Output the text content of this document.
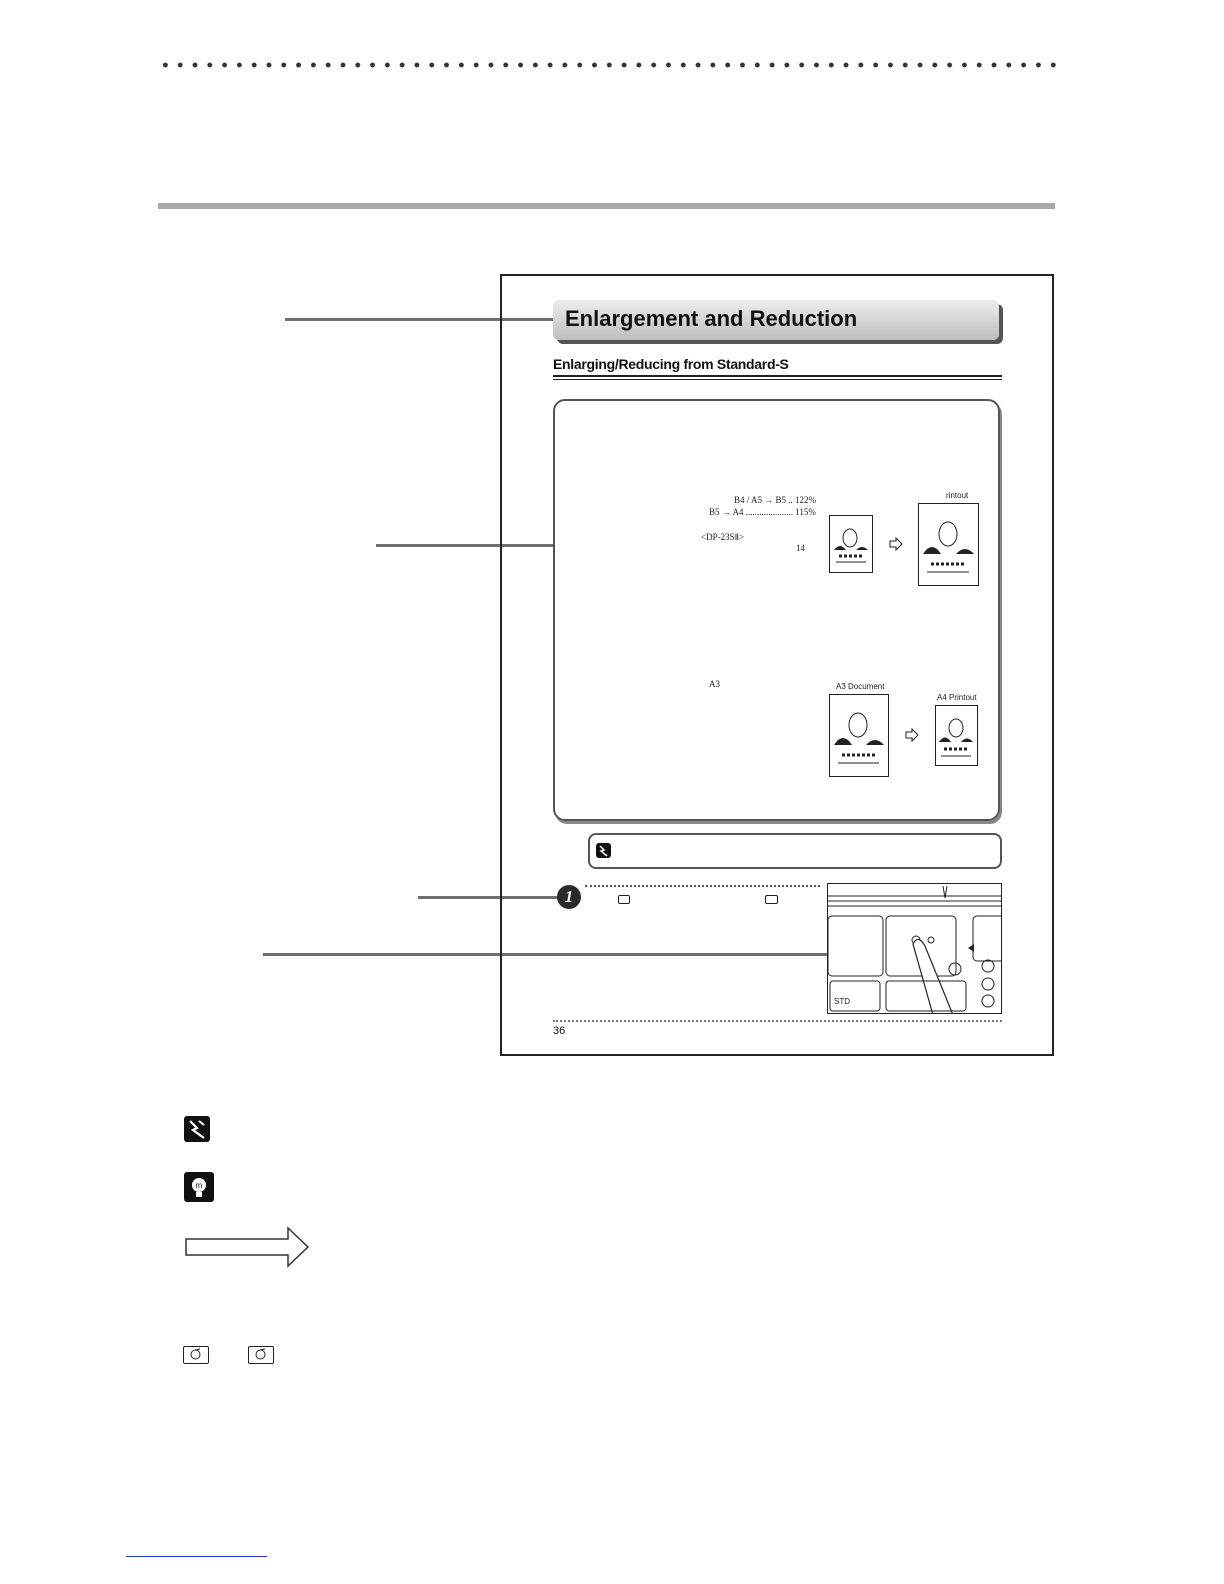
Enlargement and Reduction
Enlarging/Reducing from Standard-S
B4 / A5 → B5 .. 122%
B5 → A4 ..................... 115%
<DP-23SⅡ>
14
rintout
A3	A3 Document
A4 Printout
1
STD
36
m
